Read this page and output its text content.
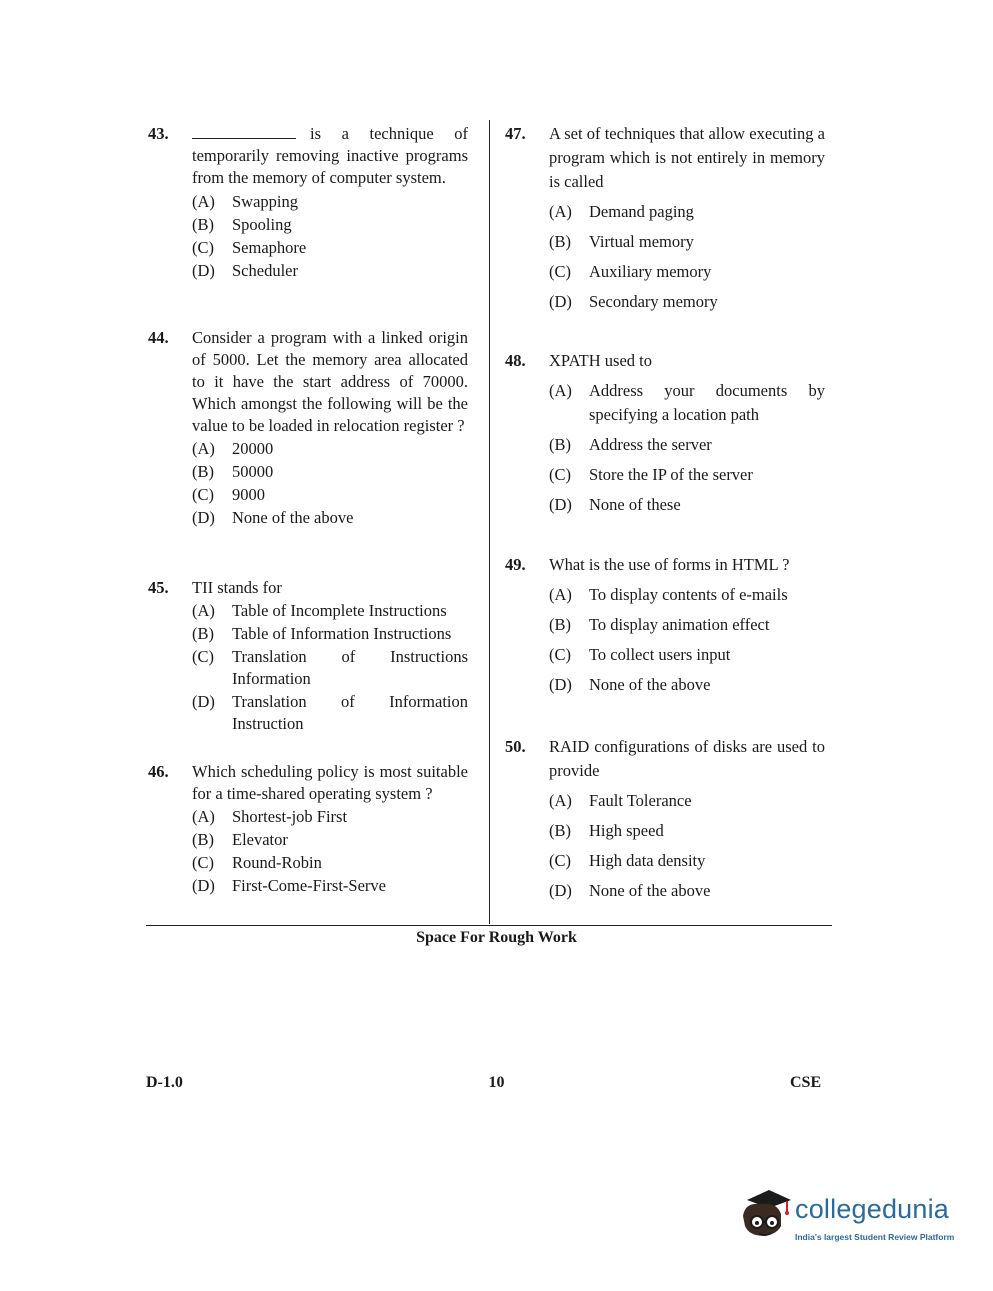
43.	is a technique of temporarily removing inactive programs from the memory of computer system.
(A)	Swapping
(B)	Spooling
(C)	Semaphore
(D)	Scheduler
44.	Consider a program with a linked origin of 5000. Let the memory area allocated to it have the start address of 70000. Which amongst the following will be the value to be loaded in relocation register ?
(A)	20000
(B)	50000
(C)	9000
(D)	None of the above
45.	TII stands for
(A)	Table of Incomplete Instructions
(B)	Table of Information Instructions
(C)	Translation of Instructions Information
(D)	Translation of Information Instruction
46.	Which scheduling policy is most suitable for a time-shared operating system ?
(A)	Shortest-job First
(B)	Elevator
(C)	Round-Robin
(D)	First-Come-First-Serve
47.	A set of techniques that allow executing a program which is not entirely in memory is called
(A)	Demand paging
(B)	Virtual memory
(C)	Auxiliary memory
(D)	Secondary memory
48.	XPATH used to
(A)	Address your documents by specifying a location path
(B)	Address the server
(C)	Store the IP of the server
(D)	None of these
49.	What is the use of forms in HTML ?
(A)	To display contents of e-mails
(B)	To display animation effect
(C)	To collect users input
(D)	None of the above
50.	RAID configurations of disks are used to provide
(A)	Fault Tolerance
(B)	High speed
(C)	High data density
(D)	None of the above
Space For Rough Work
D-1.0	10	CSE
collegedunia
India's largest Student Review Platform
